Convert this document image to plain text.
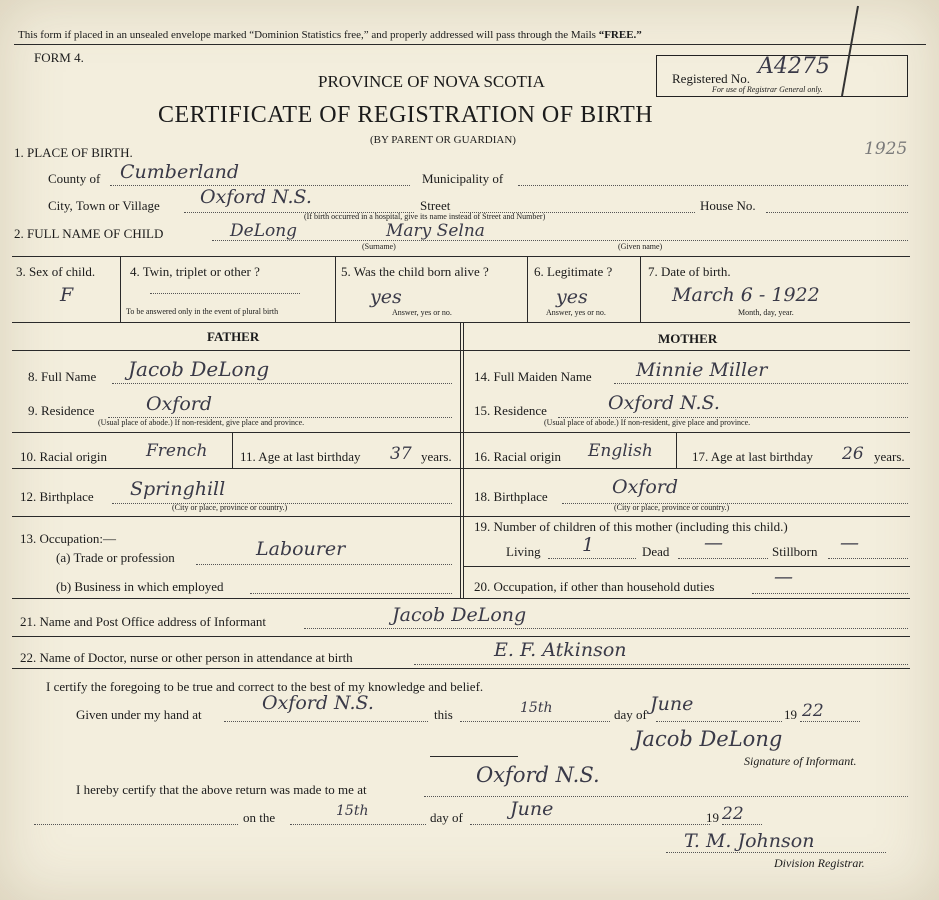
This form if placed in an unsealed envelope marked “Dominion Statistics free,” and properly addressed will pass through the Mails “FREE.”
FORM 4.
PROVINCE OF NOVA SCOTIA
CERTIFICATE OF REGISTRATION OF BIRTH
(BY PARENT OR GUARDIAN)
Registered No. A4275
For use of Registrar General only.
1925
1. PLACE OF BIRTH.
County of Cumberland	Municipality of
City, Town or Village Oxford N.S.	Street	House No.
(If birth occurred in a hospital, give its name instead of Street and Number)
2. FULL NAME OF CHILD	DeLong	Mary Selna
(Surname)	(Given name)
3. Sex of child.
F
4. Twin, triplet or other ?
To be answered only in the event of plural birth
5. Was the child born alive ?
yes
Answer, yes or no.
6. Legitimate ?
yes
Answer, yes or no.
7. Date of birth.
March 6 - 1922
Month, day, year.
FATHER	MOTHER
8. Full Name Jacob DeLong
9. Residence	Oxford
(Usual place of abode.) If non-resident, give place and province.
10. Racial origin French	11. Age at last birthday 37 years.
12. Birthplace Springhill
(City or place, province or country.)
13. Occupation:—
(a) Trade or profession	Labourer
(b) Business in which employed
14. Full Maiden Name Minnie Miller
15. Residence	Oxford N.S.
(Usual place of abode.) If non-resident, give place and province.
16. Racial origin English	17. Age at last birthday 26 years.
18. Birthplace	Oxford
(City or place, province or country.)
19. Number of children of this mother (including this child.)
Living 1	Dead —	Stillborn —
20. Occupation, if other than household duties	—
21. Name and Post Office address of Informant	Jacob DeLong
22. Name of Doctor, nurse or other person in attendance at birth	E. F. Atkinson
I certify the foregoing to be true and correct to the best of my knowledge and belief.
Given under my hand at
Oxford N.S.
this	15th	day of June	19 22
Jacob DeLong
Signature of Informant.
I hereby certify that the above return was made to me at
Oxford N.S.
on the	15th	day of June	19 22
T. M. Johnson
Division Registrar.
